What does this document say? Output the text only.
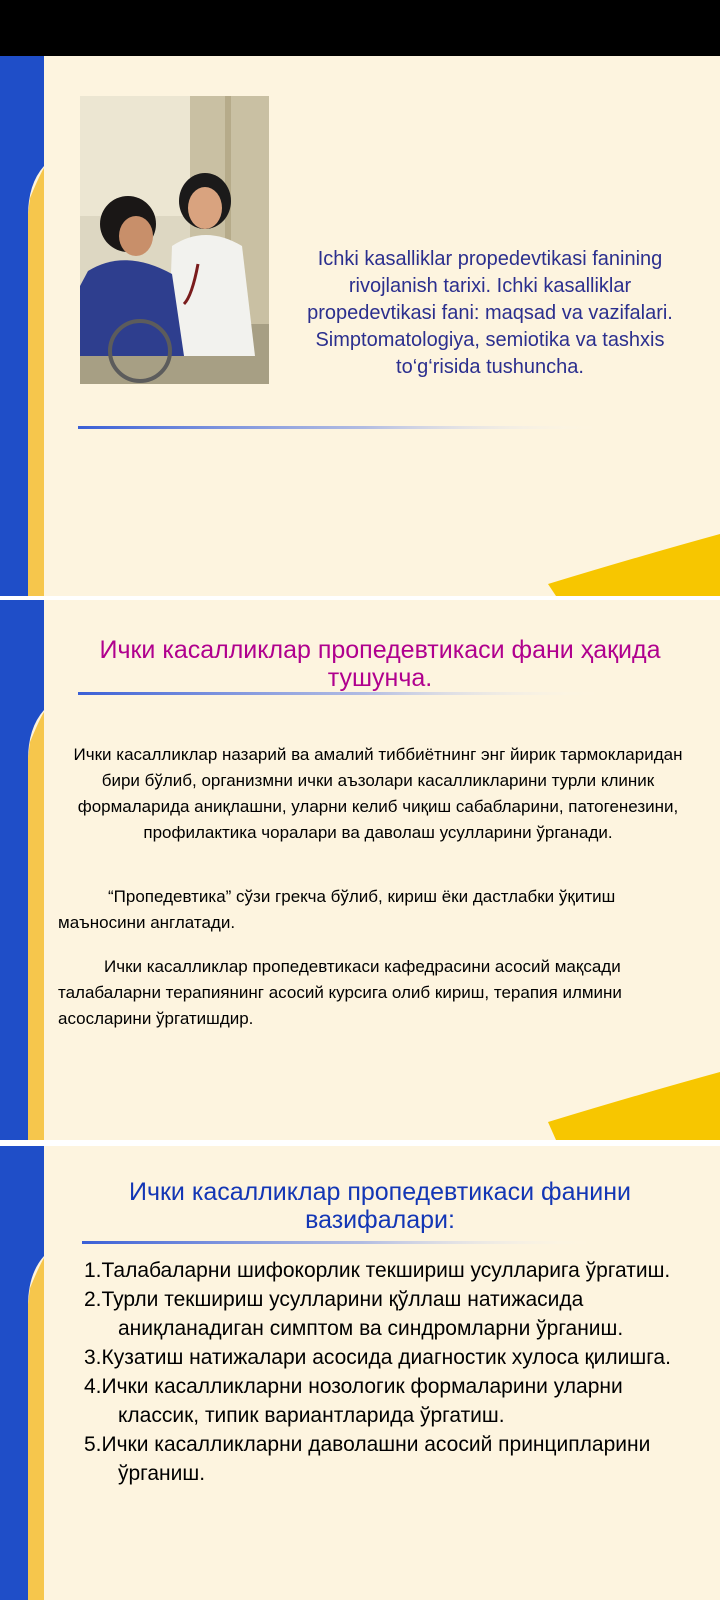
Ichki kasalliklar propedevtikasi fanining rivojlanish tarixi. Ichki kasalliklar propedevtikasi fani: maqsad va vazifalari. Simptomatologiya, semiotika va tashxis to‘g‘risida tushuncha.
Ички касалликлар пропедевтикаси фани ҳақида тушунча.
Ички касалликлар назарий ва амалий тиббиётнинг энг йирик тармокларидан бири бўлиб, организмни ички аъзолари касалликларини турли клиник формаларида аниқлашни, уларни келиб чиқиш сабабларини, патогенезини, профилактика чоралари ва даволаш усулларини ўрганади.
“Пропедевтика” сўзи грекча бўлиб, кириш ёки дастлабки ўқитиш маъносини англатади.
Ички касалликлар пропедевтикаси кафедрасини асосий мақсади талабаларни терапиянинг асосий курсига олиб кириш, терапия илмини асосларини ўргатишдир.
Ички касалликлар пропедевтикаси фанини вазифалари:
1.Талабаларни шифокорлик текшириш усулларига ўргатиш.
2.Турли текшириш усулларини қўллаш натижасида аниқланадиган симптом ва синдромларни ўрганиш.
3.Кузатиш натижалари асосида диагностик хулоса қилишга.
4.Ички касалликларни нозологик формаларини уларни классик, типик вариантларида ўргатиш.
5.Ички касалликларни даволашни асосий принципларини ўрганиш.
